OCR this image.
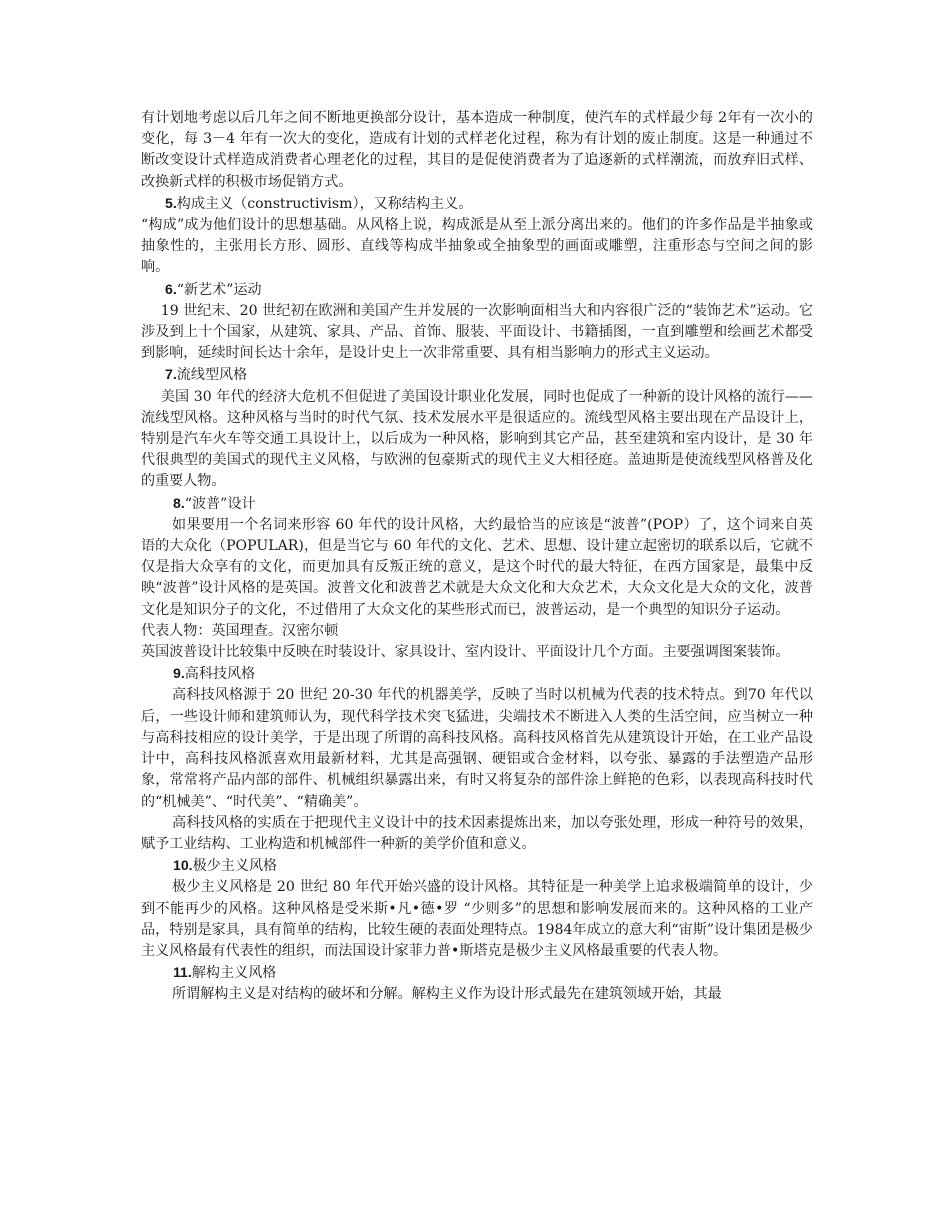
有计划地考虑以后几年之间不断地更换部分设计，基本造成一种制度，使汽车的式样最少每 2年有一次小的变化，每 3－4 年有一次大的变化，造成有计划的式样老化过程，称为有计划的废止制度。这是一种通过不断改变设计式样造成消费者心理老化的过程，其目的是促使消费者为了追逐新的式样潮流，而放弃旧式样、改换新式样的积极市场促销方式。

5.构成主义（constructivism），又称结构主义。

“构成”成为他们设计的思想基础。从风格上说，构成派是从至上派分离出来的。他们的许多作品是半抽象或抽象性的，主张用长方形、圆形、直线等构成半抽象或全抽象型的画面或雕塑，注重形态与空间之间的影响。

6.“新艺术”运动

19 世纪末、20 世纪初在欧洲和美国产生并发展的一次影响面相当大和内容很广泛的“装饰艺术”运动。它涉及到上十个国家，从建筑、家具、产品、首饰、服装、平面设计、书籍插图，一直到雕塑和绘画艺术都受到影响，延续时间长达十余年，是设计史上一次非常重要、具有相当影响力的形式主义运动。

7.流线型风格

美国 30 年代的经济大危机不但促进了美国设计职业化发展，同时也促成了一种新的设计风格的流行——流线型风格。这种风格与当时的时代气氛、技术发展水平是很适应的。流线型风格主要出现在产品设计上，特别是汽车火车等交通工具设计上，以后成为一种风格，影响到其它产品，甚至建筑和室内设计，是 30 年代很典型的美国式的现代主义风格，与欧洲的包豪斯式的现代主义大相径庭。盖迪斯是使流线型风格普及化的重要人物。

8.“波普”设计

如果要用一个名词来形容 60 年代的设计风格，大约最恰当的应该是“波普”(POP）了，这个词来自英语的大众化（POPULAR)，但是当它与 60 年代的文化、艺术、思想、设计建立起密切的联系以后，它就不仅是指大众享有的文化，而更加具有反叛正统的意义，是这个时代的最大特征，在西方国家是，最集中反映“波普”设计风格的是英国。波普文化和波普艺术就是大众文化和大众艺术，大众文化是大众的文化，波普文化是知识分子的文化，不过借用了大众文化的某些形式而已，波普运动，是一个典型的知识分子运动。

代表人物：英国理查。汉密尔顿

英国波普设计比较集中反映在时装设计、家具设计、室内设计、平面设计几个方面。主要强调图案装饰。

9.高科技风格

高科技风格源于 20 世纪 20-30 年代的机器美学，反映了当时以机械为代表的技术特点。到70 年代以后，一些设计师和建筑师认为，现代科学技术突飞猛进，尖端技术不断进入人类的生活空间，应当树立一种与高科技相应的设计美学，于是出现了所谓的高科技风格。高科技风格首先从建筑设计开始，在工业产品设计中，高科技风格派喜欢用最新材料，尤其是高强钢、硬铝或合金材料，以夸张、暴露的手法塑造产品形象，常常将产品内部的部件、机械组织暴露出来，有时又将复杂的部件涂上鲜艳的色彩，以表现高科技时代的“机械美”、“时代美”、“精确美”。

高科技风格的实质在于把现代主义设计中的技术因素提炼出来，加以夸张处理，形成一种符号的效果，赋予工业结构、工业构造和机械部件一种新的美学价值和意义。

10.极少主义风格

极少主义风格是 20 世纪 80 年代开始兴盛的设计风格。其特征是一种美学上追求极端简单的设计，少到不能再少的风格。这种风格是受米斯•凡•德•罗 “少则多”的思想和影响发展而来的。这种风格的工业产品，特别是家具，具有简单的结构，比较生硬的表面处理特点。1984年成立的意大利“宙斯”设计集团是极少主义风格最有代表性的组织，而法国设计家菲力普•斯塔克是极少主义风格最重要的代表人物。

11.解构主义风格

所谓解构主义是对结构的破坏和分解。解构主义作为设计形式最先在建筑领域开始，其最
